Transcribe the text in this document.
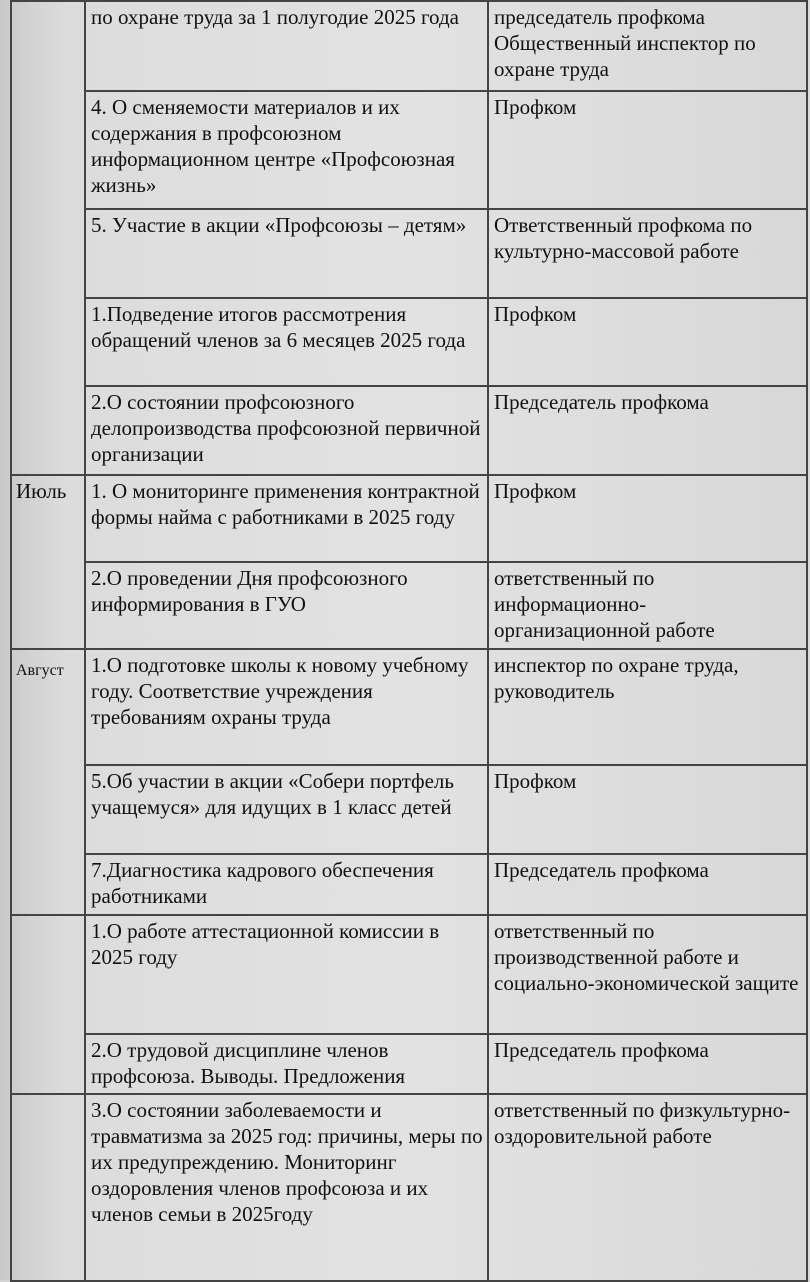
	по охране труда за 1 полугодие 2025 года	председатель профкома Общественный инспектор по охране труда

	4. О сменяемости материалов и их содержания в профсоюзном информационном центре «Профсоюзная жизнь»	Профком

	5. Участие в акции «Профсоюзы – детям»	Ответственный профкома по культурно-массовой работе

	1.Подведение итогов рассмотрения обращений членов за 6 месяцев 2025 года	Профком

	2.О состоянии профсоюзного делопроизводства профсоюзной первичной организации	Председатель профкома

Июль	1. О мониторинге применения контрактной формы найма с работниками в 2025 году	Профком

	2.О проведении Дня профсоюзного информирования в ГУО	ответственный по информационно-организационной работе

Август	1.О подготовке школы к новому учебному году. Соответствие учреждения требованиям охраны труда	инспектор по охране труда, руководитель

	5.Об участии в акции «Собери портфель учащемуся» для идущих в 1 класс детей	Профком

	7.Диагностика кадрового обеспечения работниками	Председатель профкома

	1.О работе аттестационной комиссии в 2025 году	ответственный по производственной работе и социально-экономической защите

	2.О трудовой дисциплине членов профсоюза. Выводы. Предложения	Председатель профкома

	3.О состоянии заболеваемости и травматизма за 2025 год: причины, меры по их предупреждению. Мониторинг оздоровления членов профсоюза и их членов семьи в 2025году	ответственный по физкультурно-оздоровительной работе
